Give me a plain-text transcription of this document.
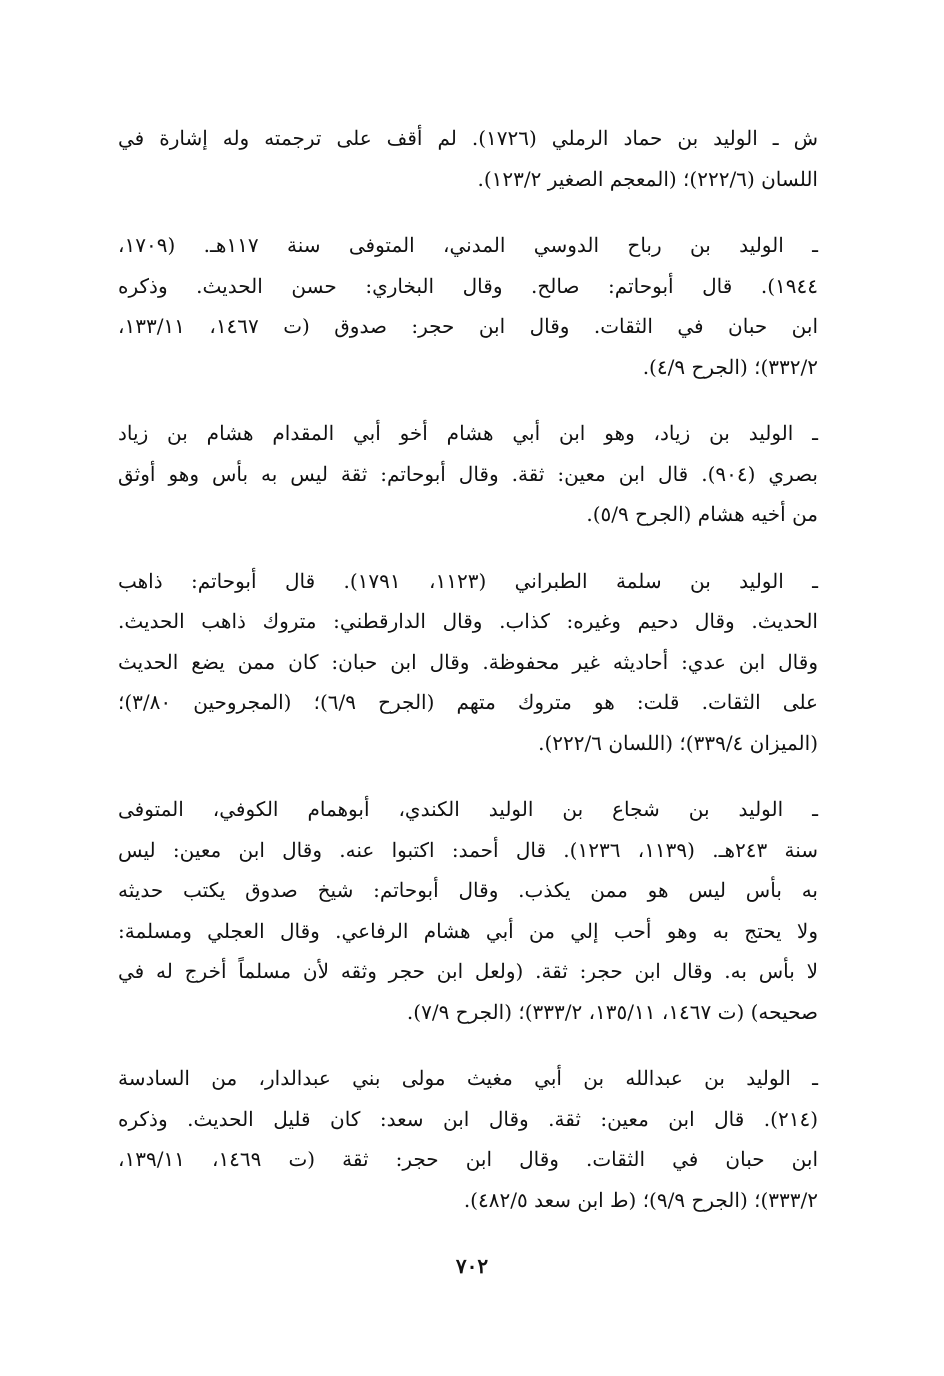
ش ـ الوليد بن حماد الرملي (١٧٢٦). لم أقف على ترجمته وله إشارة في
اللسان (٢٢٢/٦)؛ (المعجم الصغير ١٢٣/٢).
ـ الوليد بن رباح الدوسي المدني، المتوفى سنة ١١٧هـ. (١٧٠٩،
١٩٤٤). قال أبوحاتم: صالح. وقال البخاري: حسن الحديث. وذكره
ابن حبان في الثقات. وقال ابن حجر: صدوق (ت ١٤٦٧، ١٣٣/١١،
٣٣٢/٢)؛ (الجرح ٤/٩).
ـ الوليد بن زياد، وهو ابن أبي هشام أخو أبي المقدام هشام بن زياد
بصري (٩٠٤). قال ابن معين: ثقة. وقال أبوحاتم: ثقة ليس به بأس وهو أوثق
من أخيه هشام (الجرح ٥/٩).
ـ الوليد بن سلمة الطبراني (١١٢٣، ١٧٩١). قال أبوحاتم: ذاهب
الحديث. وقال دحيم وغيره: كذاب. وقال الدارقطني: متروك ذاهب الحديث.
وقال ابن عدي: أحاديثه غير محفوظة. وقال ابن حبان: كان ممن يضع الحديث
على الثقات. قلت: هو متروك متهم (الجرح ٦/٩)؛ (المجروحين ٣/٨٠)؛
(الميزان ٣٣٩/٤)؛ (اللسان ٢٢٢/٦).
ـ الوليد بن شجاع بن الوليد الكندي، أبوهمام الكوفي، المتوفى
سنة ٢٤٣هـ. (١١٣٩، ١٢٣٦). قال أحمد: اكتبوا عنه. وقال ابن معين: ليس
به بأس ليس هو ممن يكذب. وقال أبوحاتم: شيخ صدوق يكتب حديثه
ولا يحتج به وهو أحب إلي من أبي هشام الرفاعي. وقال العجلي ومسلمة:
لا بأس به. وقال ابن حجر: ثقة. (ولعل ابن حجر وثقه لأن مسلماً أخرج له في
صحيحه) (ت ١٤٦٧، ١٣٥/١١، ٣٣٣/٢)؛ (الجرح ٧/٩).
ـ الوليد بن عبدالله بن أبي مغيث مولى بني عبدالدار، من السادسة
(٢١٤). قال ابن معين: ثقة. وقال ابن سعد: كان قليل الحديث. وذكره
ابن حبان في الثقات. وقال ابن حجر: ثقة (ت ١٤٦٩، ١٣٩/١١،
٣٣٣/٢)؛ (الجرح ٩/٩)؛ (ط ابن سعد ٤٨٢/٥).
٧٠٢
